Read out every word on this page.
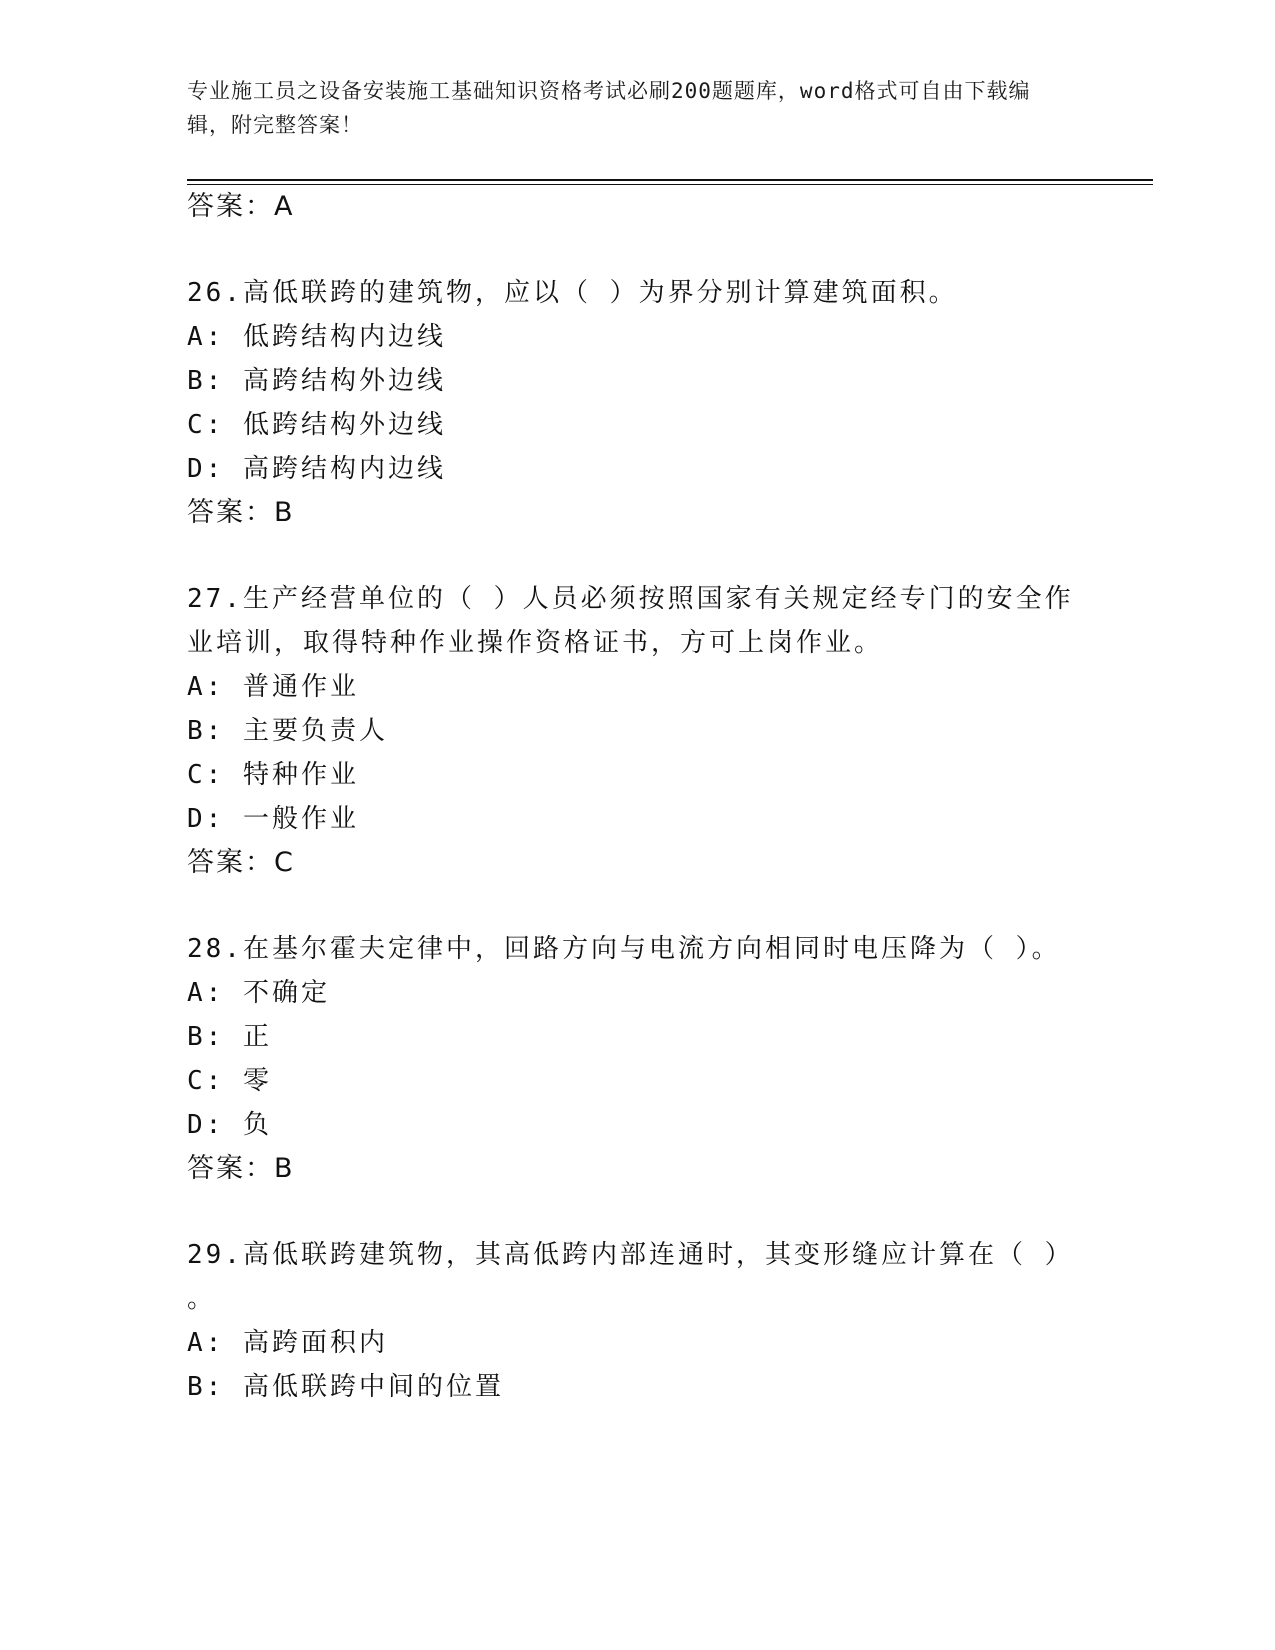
专业施工员之设备安装施工基础知识资格考试必刷200题题库，word格式可自由下载编辑，附完整答案！
答案：A
26.高低联跨的建筑物，应以（ ）为界分别计算建筑面积。
A: 低跨结构内边线
B: 高跨结构外边线
C: 低跨结构外边线
D: 高跨结构内边线
答案：B
27.生产经营单位的（ ）人员必须按照国家有关规定经专门的安全作
业培训，取得特种作业操作资格证书，方可上岗作业。
A: 普通作业
B: 主要负责人
C: 特种作业
D: 一般作业
答案：C
28.在基尔霍夫定律中，回路方向与电流方向相同时电压降为（ ）。
A: 不确定
B: 正
C: 零
D: 负
答案：B
29.高低联跨建筑物，其高低跨内部连通时，其变形缝应计算在（ ）
。
A: 高跨面积内
B: 高低联跨中间的位置
